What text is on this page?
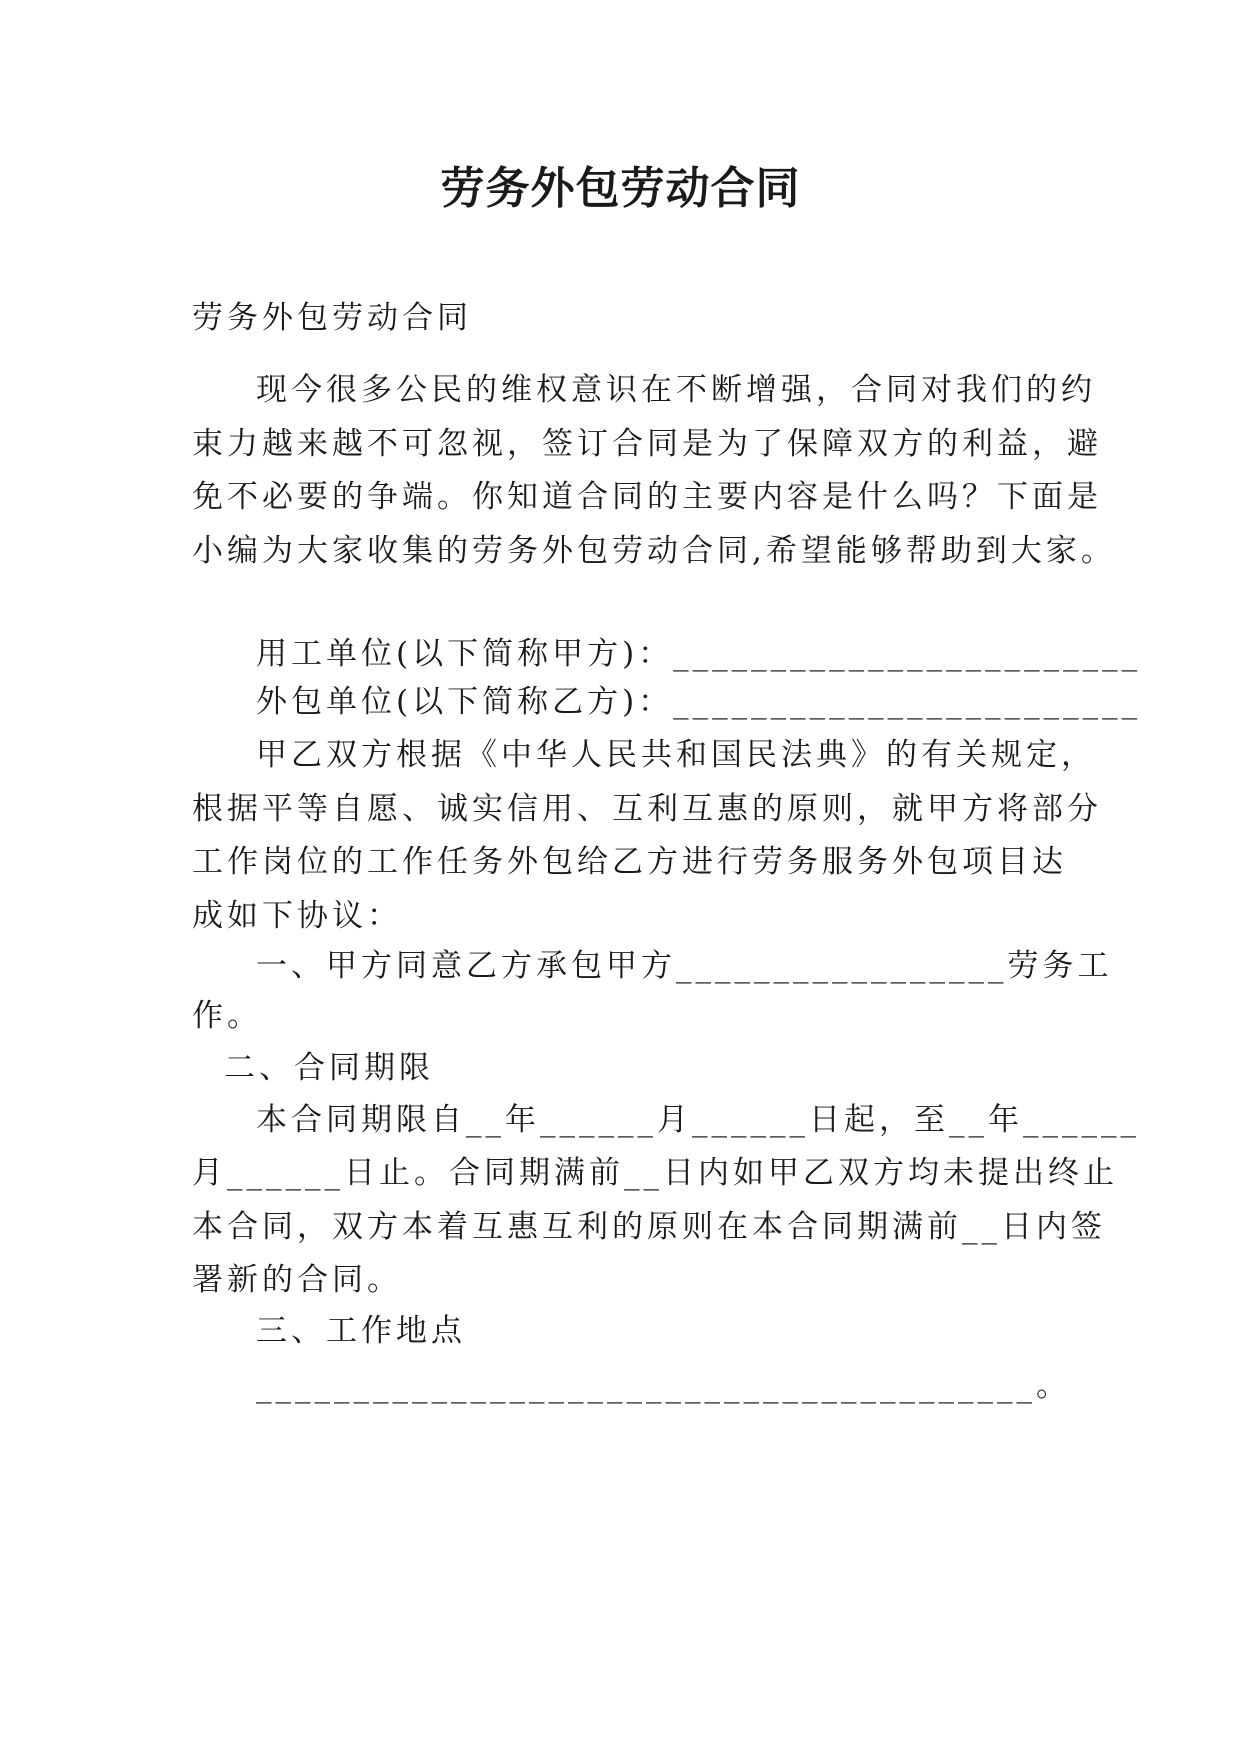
劳务外包劳动合同
劳务外包劳动合同
现今很多公民的维权意识在不断增强，合同对我们的约
束力越来越不可忽视，签订合同是为了保障双方的利益，避
免不必要的争端。你知道合同的主要内容是什么吗？下面是
小编为大家收集的劳务外包劳动合同,希望能够帮助到大家。
用工单位(以下简称甲方)：________________________
外包单位(以下简称乙方)：________________________
甲乙双方根据《中华人民共和国民法典》的有关规定，
根据平等自愿、诚实信用、互利互惠的原则，就甲方将部分
工作岗位的工作任务外包给乙方进行劳务服务外包项目达
成如下协议：
一、甲方同意乙方承包甲方_________________劳务工
作。
二、合同期限
本合同期限自__年______月______日起，至__年______
月______日止。合同期满前__日内如甲乙双方均未提出终止
本合同，双方本着互惠互利的原则在本合同期满前__日内签
署新的合同。
三、工作地点
________________________________________。
